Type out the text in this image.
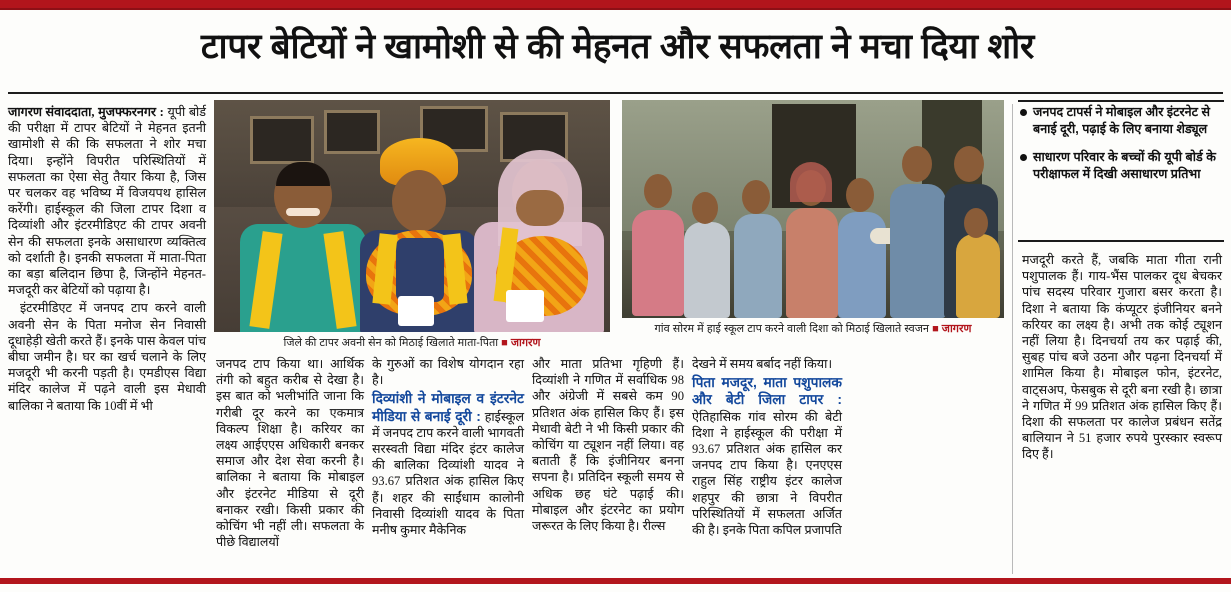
टापर बेटियों ने खामोशी से की मेहनत और सफलता ने मचा दिया शोर

जागरण संवाददाता, मुजफ्फरनगर : यूपी बोर्ड की परीक्षा में टापर बेटियों ने मेहनत इतनी खामोशी से की कि सफलता ने शोर मचा दिया। इन्होंने विपरीत परिस्थितियों में सफलता का ऐसा सेतु तैयार किया है, जिस पर चलकर वह भविष्य में विजयपथ हासिल करेंगी। हाईस्कूल की जिला टापर दिशा व दिव्यांशी और इंटरमीडिएट की टापर अवनी सेन की सफलता इनके असाधारण व्यक्तित्व को दर्शाती है। इनकी सफलता में माता-पिता का बड़ा बलिदान छिपा है, जिन्होंने मेहनत-मजदूरी कर बेटियों को पढ़ाया है।

इंटरमीडिएट में जनपद टाप करने वाली अवनी सेन के पिता मनोज सेन निवासी दूधाहेड़ी खेती करते हैं। इनके पास केवल पांच बीघा जमीन है। घर का खर्च चलाने के लिए मजदूरी भी करनी पड़ती है। एमडीएस विद्या मंदिर कालेज में पढ़ने वाली इस मेधावी बालिका ने बताया कि 10वीं में भी

जिले की टापर अवनी सेन को मिठाई खिलाते माता-पिता ■ जागरण
गांव सोरम में हाई स्कूल टाप करने वाली दिशा को मिठाई खिलाते स्वजन ■ जागरण

जनपद टाप किया था। आर्थिक तंगी को बहुत करीब से देखा है। इस बात को भलीभांति जाना कि गरीबी दूर करने का एकमात्र विकल्प शिक्षा है। करियर का लक्ष्य आईएएस अधिकारी बनकर समाज और देश सेवा करनी है। बालिका ने बताया कि मोबाइल और इंटरनेट मीडिया से दूरी बनाकर रखी। किसी प्रकार की कोचिंग भी नहीं ली। सफलता के पीछे विद्यालयों

के गुरुओं का विशेष योगदान रहा है।

दिव्यांशी ने मोबाइल व इंटरनेट मीडिया से बनाई दूरी : हाईस्कूल में जनपद टाप करने वाली भागवती सरस्वती विद्या मंदिर इंटर कालेज की बालिका दिव्यांशी यादव ने 93.67 प्रतिशत अंक हासिल किए हैं। शहर की साईंधाम कालोनी निवासी दिव्यांशी यादव के पिता मनीष कुमार मैकेनिक

और माता प्रतिभा गृहिणी हैं। दिव्यांशी ने गणित में सर्वाधिक 98 और अंग्रेजी में सबसे कम 90 प्रतिशत अंक हासिल किए हैं। इस मेधावी बेटी ने भी किसी प्रकार की कोचिंग या ट्यूशन नहीं लिया। वह बताती हैं कि इंजीनियर बनना सपना है। प्रतिदिन स्कूली समय से अधिक छह घंटे पढ़ाई की। मोबाइल और इंटरनेट का प्रयोग जरूरत के लिए किया है। रील्स

देखने में समय बर्बाद नहीं किया।

पिता मजदूर, माता पशुपालक और बेटी जिला टापर : ऐतिहासिक गांव सोरम की बेटी दिशा ने हाईस्कूल की परीक्षा में 93.67 प्रतिशत अंक हासिल कर जनपद टाप किया है। एनएएस राहुल सिंह राष्ट्रीय इंटर कालेज शहपुर की छात्रा ने विपरीत परिस्थितियों में सफलता अर्जित की है। इनके पिता कपिल प्रजापति

जनपद टापर्स ने मोबाइल और इंटरनेट से बनाई दूरी, पढ़ाई के लिए बनाया शेड्यूल
साधारण परिवार के बच्चों की यूपी बोर्ड के परीक्षाफल में दिखी असाधारण प्रतिभा

मजदूरी करते हैं, जबकि माता गीता रानी पशुपालक हैं। गाय-भैंस पालकर दूध बेचकर पांच सदस्य परिवार गुजारा बसर करता है। दिशा ने बताया कि कंप्यूटर इंजीनियर बनने करियर का लक्ष्य है। अभी तक कोई ट्यूशन नहीं लिया है। दिनचर्या तय कर पढ़ाई की, सुबह पांच बजे उठना और पढ़ना दिनचर्या में शामिल किया है। मोबाइल फोन, इंटरनेट, वाट्सअप, फेसबुक से दूरी बना रखी है। छात्रा ने गणित में 99 प्रतिशत अंक हासिल किए हैं। दिशा की सफलता पर कालेज प्रबंधन सतेंद्र बालियान ने 51 हजार रुपये पुरस्कार स्वरूप दिए हैं।
